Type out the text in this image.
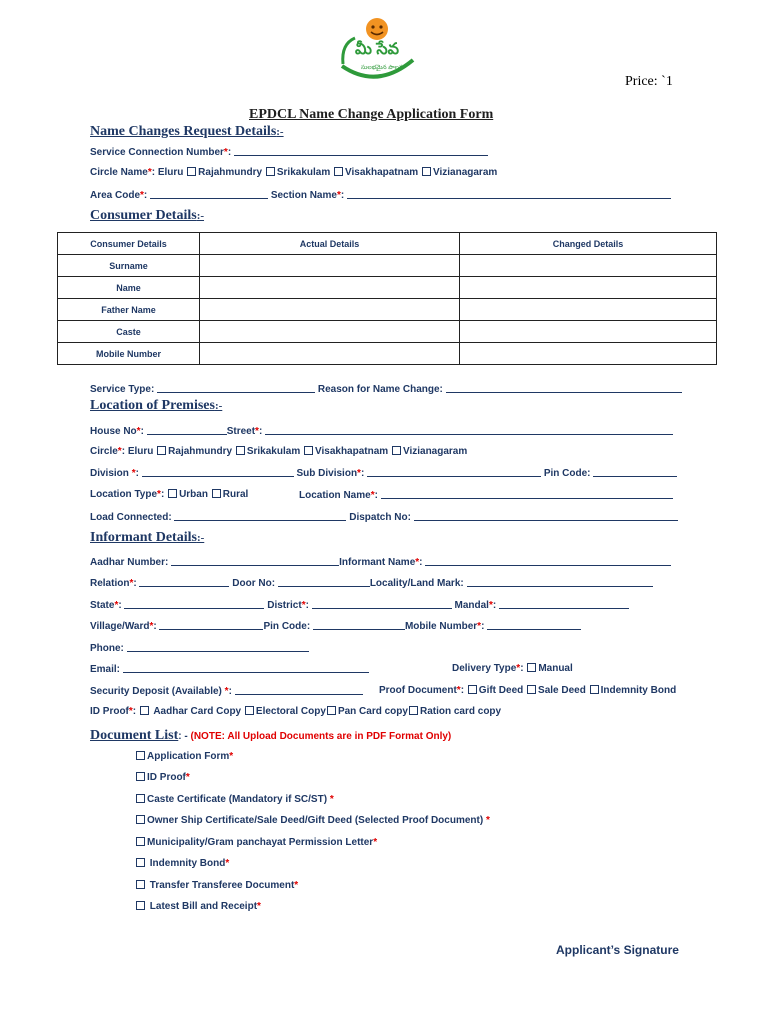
మీ సేవ
సులభమైన పాలన
Price: `1
EPDCL Name Change Application Form
Name Changes Request Details:-
Service Connection Number*:
Circle Name*: Eluru Rajahmundry Srikakulam Visakhapatnam Vizianagaram
Area Code*:	Section Name*:
Consumer Details:-
Consumer Details	Actual Details	Changed Details
Surname		
Name		
Father Name		
Caste		
Mobile Number		
Service Type:	Reason for Name Change:
Location of Premises:-
House No*:	Street*:
Circle*: Eluru Rajahmundry Srikakulam Visakhapatnam Vizianagaram
Division *:	Sub Division*:	Pin Code:
Location Type*: Urban Rural	Location Name*:
Load Connected:	Dispatch No:
Informant Details:-
Aadhar Number:	Informant Name*:
Relation*:	Door No:	Locality/Land Mark:
State*:	District*:	Mandal*:
Village/Ward*:	Pin Code:	Mobile Number*:
Phone:
Email:	Delivery Type*: Manual
Security Deposit (Available) *:	Proof Document*: Gift Deed Sale Deed Indemnity Bond
ID Proof*:  Aadhar Card Copy Electoral Copy Pan Card copy Ration card copy
Document List: - (NOTE: All Upload Documents are in PDF Format Only)
Application Form*
ID Proof*
Caste Certificate (Mandatory if SC/ST) *
Owner Ship Certificate/Sale Deed/Gift Deed (Selected Proof Document) *
Municipality/Gram panchayat Permission Letter*
Indemnity Bond*
Transfer Transferee Document*
Latest Bill and Receipt*
Applicant’s Signature
